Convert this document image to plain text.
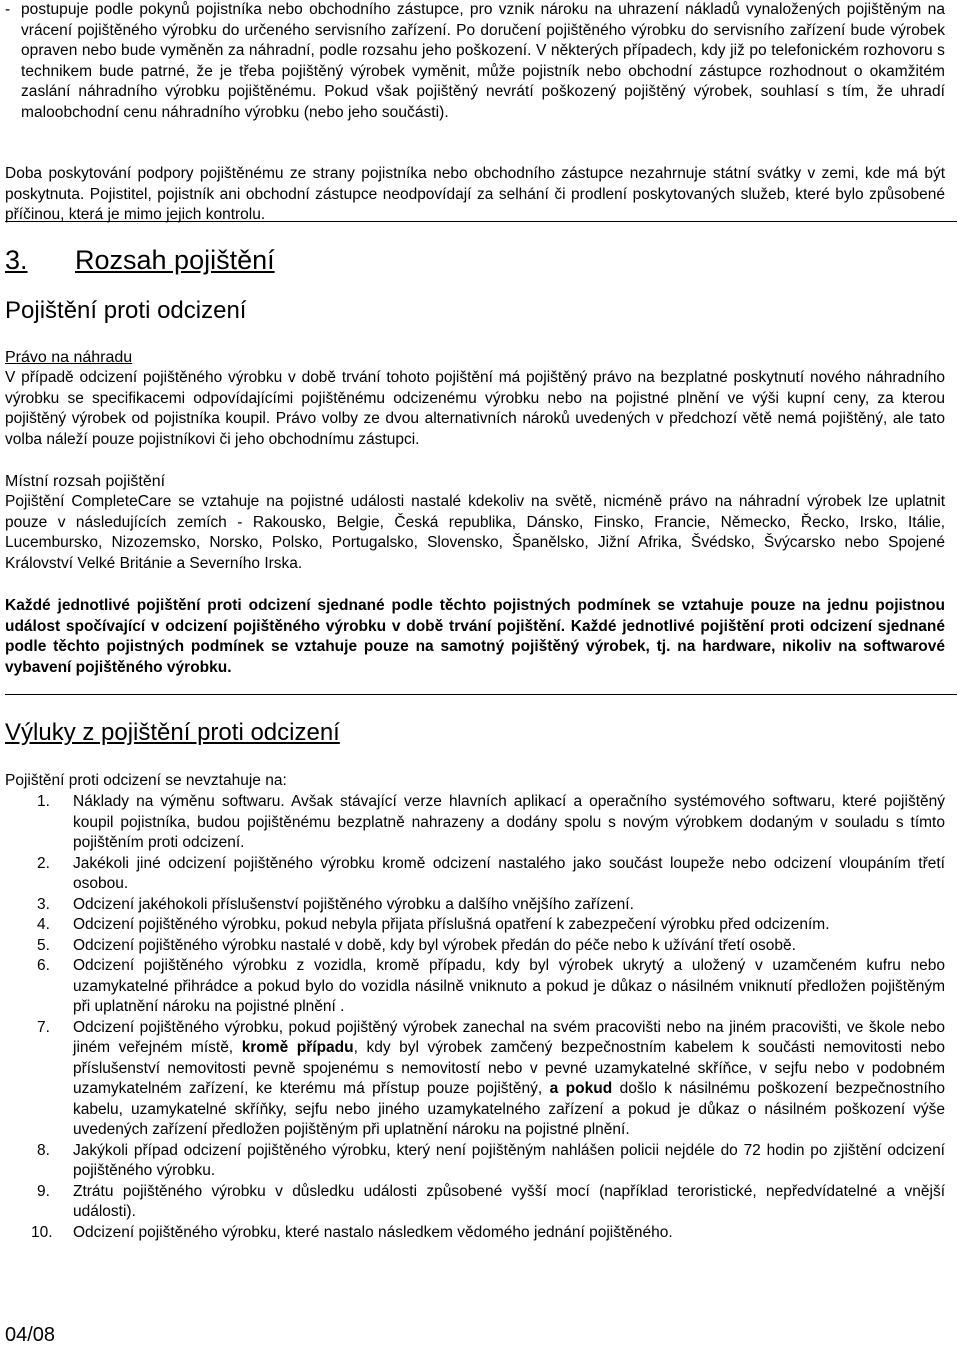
- postupuje podle pokynů pojistníka nebo obchodního zástupce, pro vznik nároku na uhrazení nákladů vynaložených pojištěným na vrácení pojištěného výrobku do určeného servisního zařízení. Po doručení pojištěného výrobku do servisního zařízení bude výrobek opraven nebo bude vyměněn za náhradní, podle rozsahu jeho poškození. V některých případech, kdy již po telefonickém rozhovoru s technikem bude patrné, že je třeba pojištěný výrobek vyměnit, může pojistník nebo obchodní zástupce rozhodnout o okamžitém zaslání náhradního výrobku pojištěnému. Pokud však pojištěný nevrátí poškozený pojištěný výrobek, souhlasí s tím, že uhradí maloobchodní cenu náhradního výrobku (nebo jeho součásti).

Doba poskytování podpory pojištěnému ze strany pojistníka nebo obchodního zástupce nezahrnuje státní svátky v zemi, kde má být poskytnuta. Pojistitel, pojistník ani obchodní zástupce neodpovídají za selhání či prodlení poskytovaných služeb, které bylo způsobené příčinou, která je mimo jejich kontrolu.

3. Rozsah pojištění
Pojištění proti odcizení

Právo na náhradu

V případě odcizení pojištěného výrobku v době trvání tohoto pojištění má pojištěný právo na bezplatné poskytnutí nového náhradního výrobku se specifikacemi odpovídajícími pojištěnému odcizenému výrobku nebo na pojistné plnění ve výši kupní ceny, za kterou pojištěný výrobek od pojistníka koupil. Právo volby ze dvou alternativních nároků uvedených v předchozí větě nemá pojištěný, ale tato volba náleží pouze pojistníkovi či jeho obchodnímu zástupci.

Místní rozsah pojištění

Pojištění CompleteCare se vztahuje na pojistné události nastalé kdekoliv na světě, nicméně právo na náhradní výrobek lze uplatnit pouze v následujících zemích - Rakousko, Belgie, Česká republika, Dánsko, Finsko, Francie, Německo, Řecko, Irsko, Itálie, Lucembursko, Nizozemsko, Norsko, Polsko, Portugalsko, Slovensko, Španělsko, Jižní Afrika, Švédsko, Švýcarsko nebo Spojené Království Velké Británie a Severního Irska.

Každé jednotlivé pojištění proti odcizení sjednané podle těchto pojistných podmínek se vztahuje pouze na jednu pojistnou událost spočívající v odcizení pojištěného výrobku v době trvání pojištění. Každé jednotlivé pojištění proti odcizení sjednané podle těchto pojistných podmínek se vztahuje pouze na samotný pojištěný výrobek, tj. na hardware, nikoliv na softwarové vybavení pojištěného výrobku.

Výluky z pojištění proti odcizení

Pojištění proti odcizení se nevztahuje na:

1. Náklady na výměnu softwaru. Avšak stávající verze hlavních aplikací a operačního systémového softwaru, které pojištěný koupil pojistníka, budou pojištěnému bezplatně nahrazeny a dodány spolu s novým výrobkem dodaným v souladu s tímto pojištěním proti odcizení.
2. Jakékoli jiné odcizení pojištěného výrobku kromě odcizení nastalého jako součást loupeže nebo odcizení vloupáním třetí osobou.
3. Odcizení jakéhokoli příslušenství pojištěného výrobku a dalšího vnějšího zařízení.
4. Odcizení pojištěného výrobku, pokud nebyla přijata příslušná opatření k zabezpečení výrobku před odcizením.
5. Odcizení pojištěného výrobku nastalé v době, kdy byl výrobek předán do péče nebo k užívání třetí osobě.
6. Odcizení pojištěného výrobku z vozidla, kromě případu, kdy byl výrobek ukrytý a uložený v uzamčeném kufru nebo uzamykatelné přihrádce a pokud bylo do vozidla násilně vniknuto a pokud je důkaz o násilném vniknutí předložen pojištěným při uplatnění nároku na pojistné plnění .
7. Odcizení pojištěného výrobku, pokud pojištěný výrobek zanechal na svém pracovišti nebo na jiném pracovišti, ve škole nebo jiném veřejném místě, kromě případu, kdy byl výrobek zamčený bezpečnostním kabelem k součásti nemovitosti nebo příslušenství nemovitosti pevně spojenému s nemovitostí nebo v pevné uzamykatelné skříňce, v sejfu nebo v podobném uzamykatelném zařízení, ke kterému má přístup pouze pojištěný, a pokud došlo k násilnému poškození bezpečnostního kabelu, uzamykatelné skříňky, sejfu nebo jiného uzamykatelného zařízení a pokud je důkaz o násilném poškození výše uvedených zařízení předložen pojištěným při uplatnění nároku na pojistné plnění.
8. Jakýkoli případ odcizení pojištěného výrobku, který není pojištěným nahlášen policii nejdéle do 72 hodin po zjištění odcizení pojištěného výrobku.
9. Ztrátu pojištěného výrobku v důsledku události způsobené vyšší mocí (například teroristické, nepředvídatelné a vnější události).
10. Odcizení pojištěného výrobku, které nastalo následkem vědomého jednání pojištěného.
04/08
